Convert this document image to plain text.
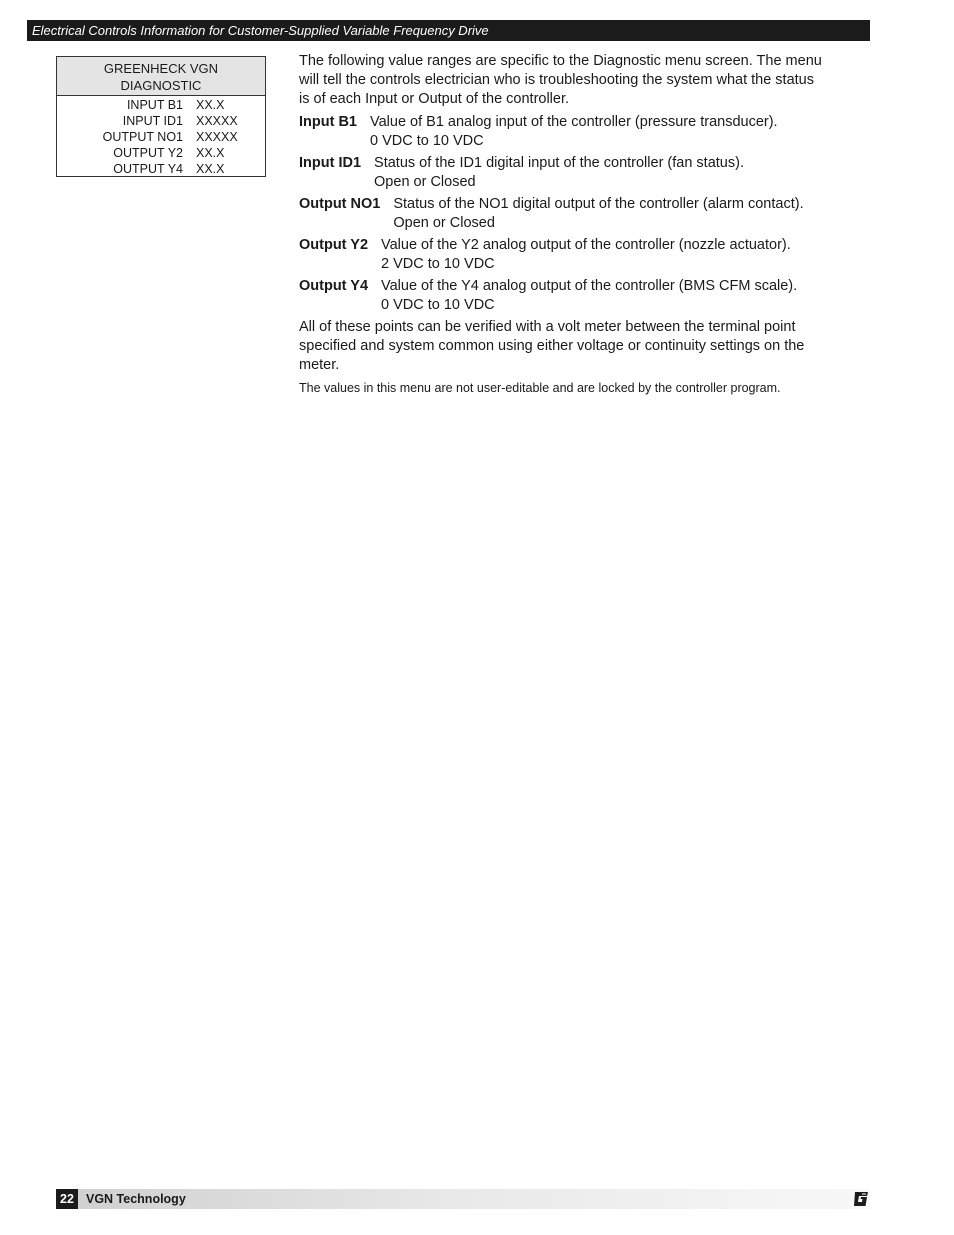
Electrical Controls Information for Customer-Supplied Variable Frequency Drive
GREENHECK VGN
DIAGNOSTIC
INPUT B1 XX.X
INPUT ID1 XXXXX
OUTPUT NO1 XXXXX
OUTPUT Y2 XX.X
OUTPUT Y4 XX.X

The following value ranges are specific to the Diagnostic menu screen. The menu
will tell the controls electrician who is troubleshooting the system what the status
is of each Input or Output of the controller.

Input B1 Value of B1 analog input of the controller (pressure transducer).
0 VDC to 10 VDC
Input ID1 Status of the ID1 digital input of the controller (fan status).
Open or Closed
Output NO1 Status of the NO1 digital output of the controller (alarm contact).
Open or Closed
Output Y2 Value of the Y2 analog output of the controller (nozzle actuator).
2 VDC to 10 VDC
Output Y4 Value of the Y4 analog output of the controller (BMS CFM scale).
0 VDC to 10 VDC

All of these points can be verified with a volt meter between the terminal point
specified and system common using either voltage or continuity settings on the
meter.

The values in this menu are not user-editable and are locked by the controller program.

22 VGN Technology
